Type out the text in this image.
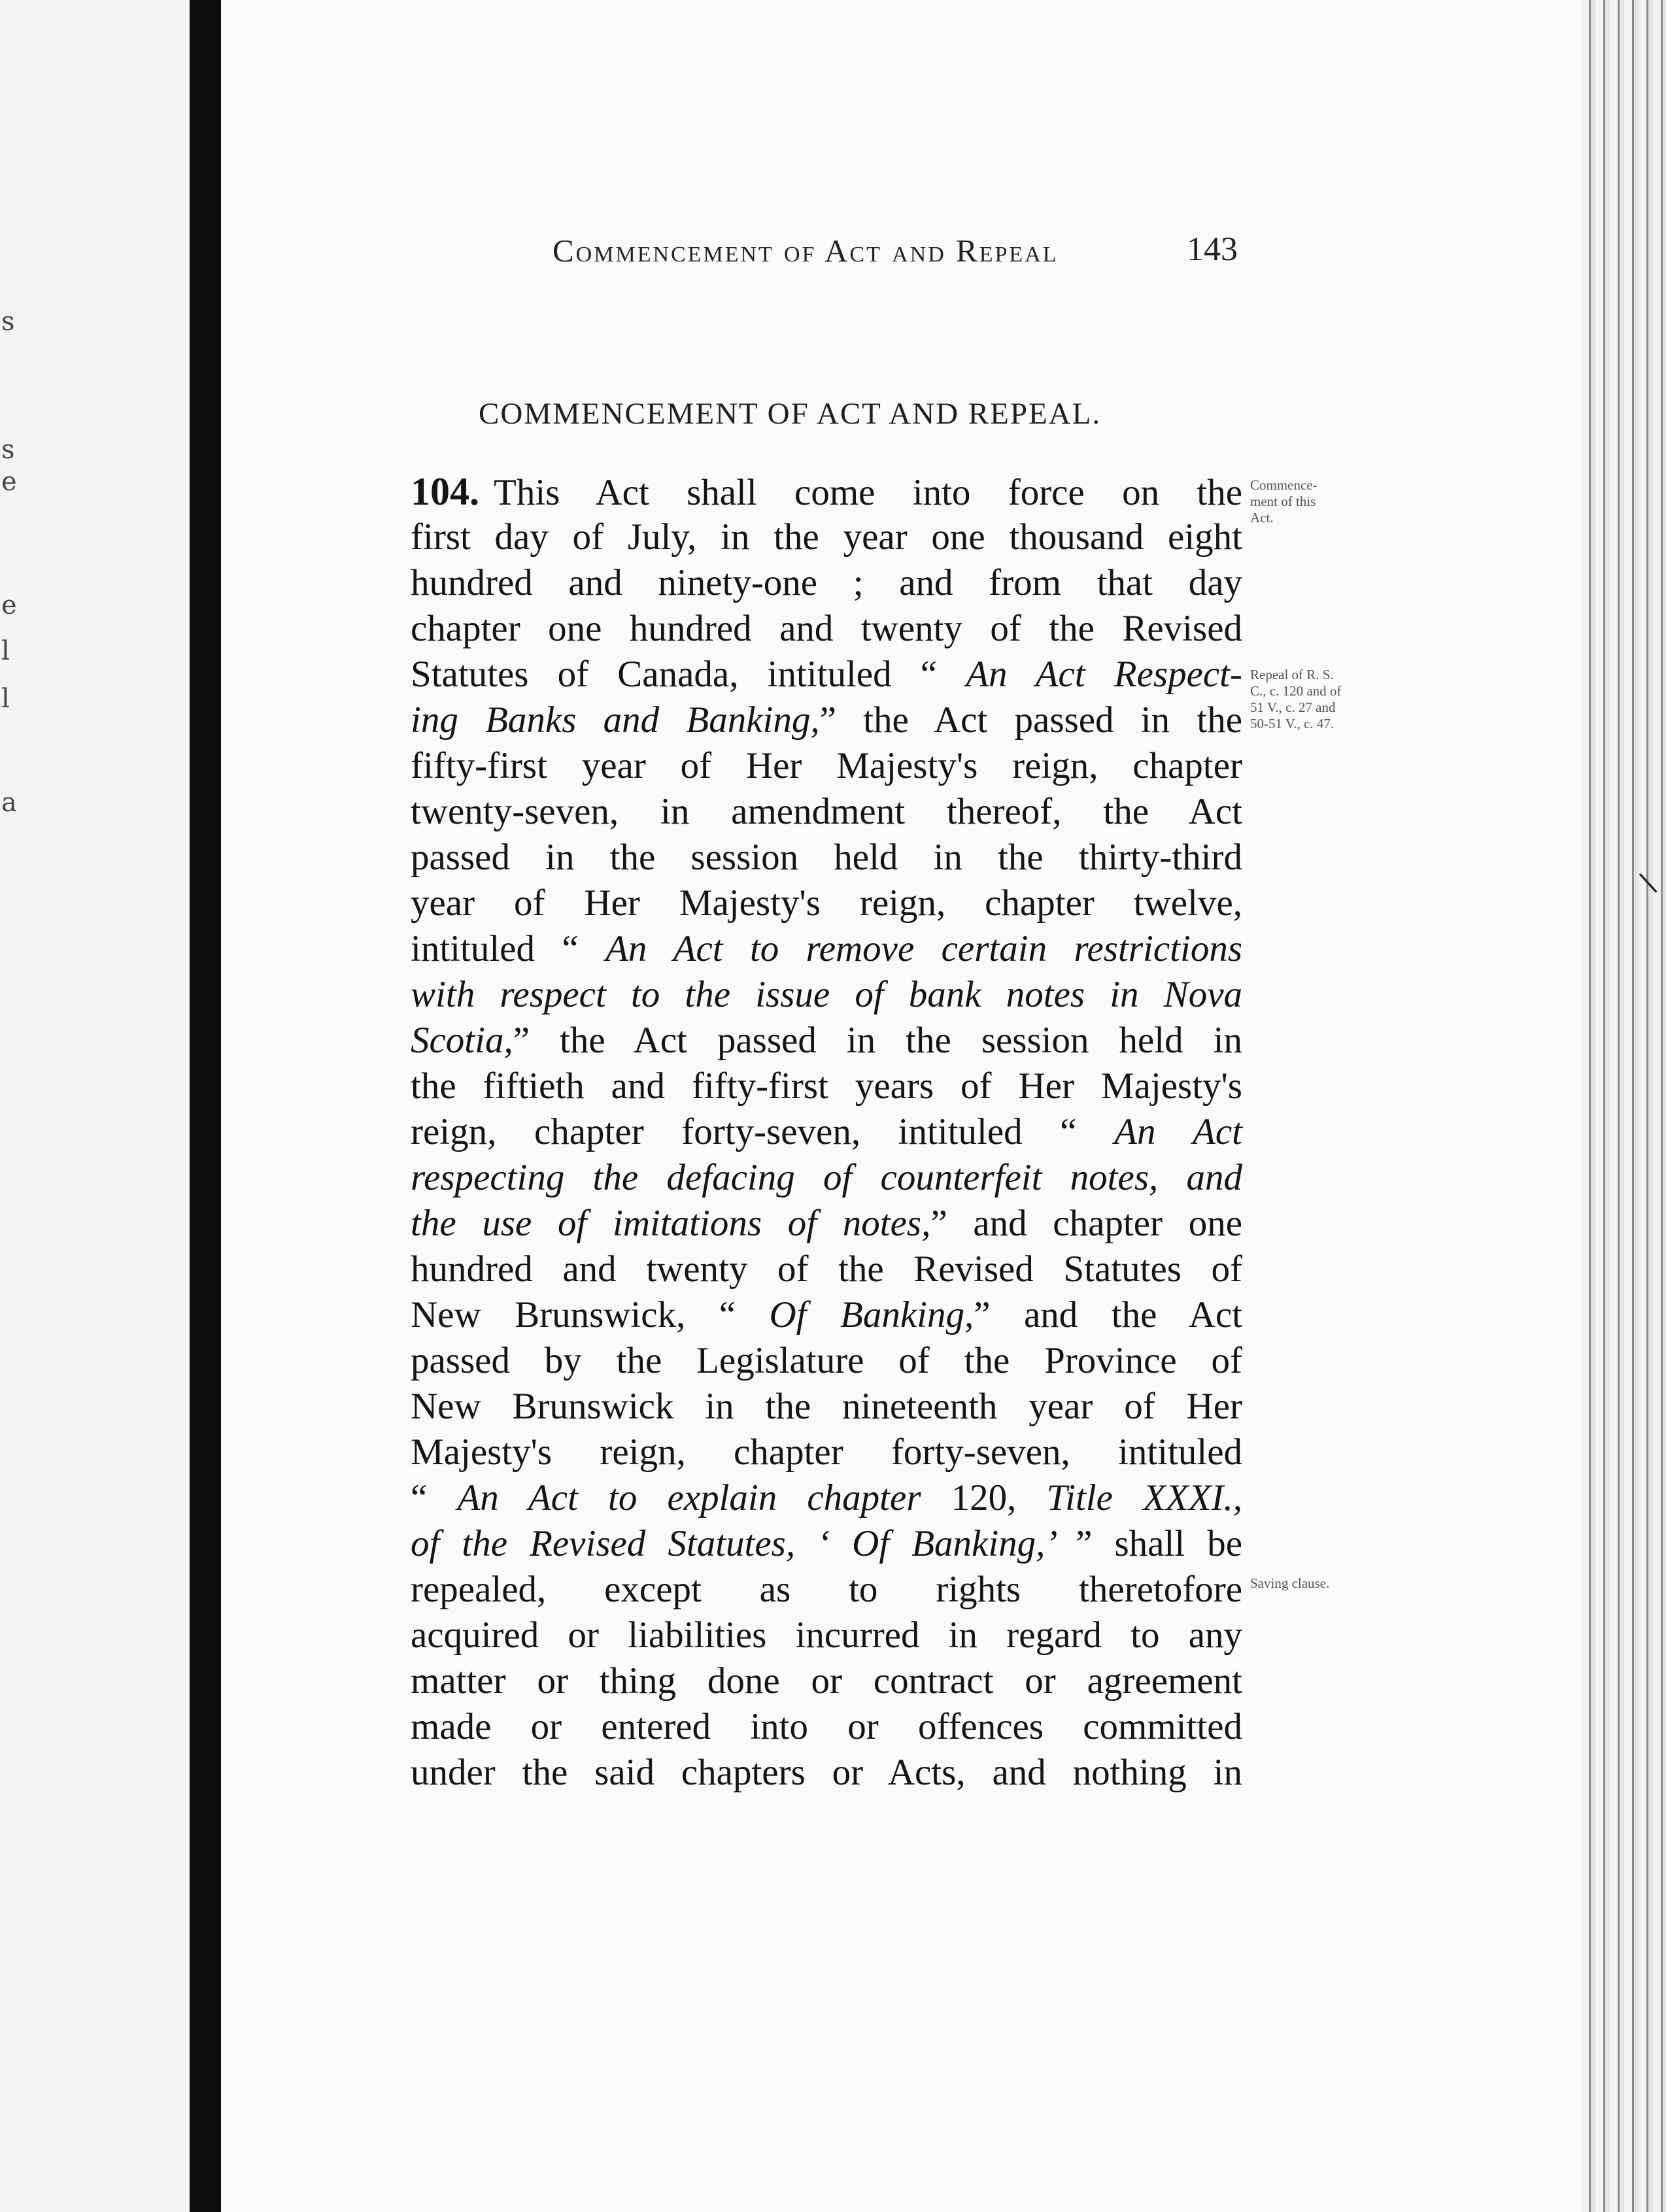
s
s
e
e
l
l
a
\
Commencement of Act and Repeal	143
COMMENCEMENT OF ACT AND REPEAL.
104. This Act shall come into force on the
first day of July, in the year one thousand eight
hundred and ninety-one ; and from that day
chapter one hundred and twenty of the Revised
Statutes of Canada, intituled “ An Act Respect-
ing Banks and Banking,” the Act passed in the
fifty-first year of Her Majesty's reign, chapter
twenty-seven, in amendment thereof, the Act
passed in the session held in the thirty-third
year of Her Majesty's reign, chapter twelve,
intituled “ An Act to remove certain restrictions
with respect to the issue of bank notes in Nova
Scotia,” the Act passed in the session held in
the fiftieth and fifty-first years of Her Majesty's
reign, chapter forty-seven, intituled “ An Act
respecting the defacing of counterfeit notes, and
the use of imitations of notes,” and chapter one
hundred and twenty of the Revised Statutes of
New Brunswick, “ Of Banking,” and the Act
passed by the Legislature of the Province of
New Brunswick in the nineteenth year of Her
Majesty's reign, chapter forty-seven, intituled
“ An Act to explain chapter 120, Title XXXI.,
of the Revised Statutes, ‘ Of Banking,’ ” shall be
repealed, except as to rights theretofore
acquired or liabilities incurred in regard to any
matter or thing done or contract or agreement
made or entered into or offences committed
under the said chapters or Acts, and nothing in
Commence-
ment of this
Act.
Repeal of R. S.
C., c. 120 and of
51 V., c. 27 and
50-51 V., c. 47.
Saving clause.
